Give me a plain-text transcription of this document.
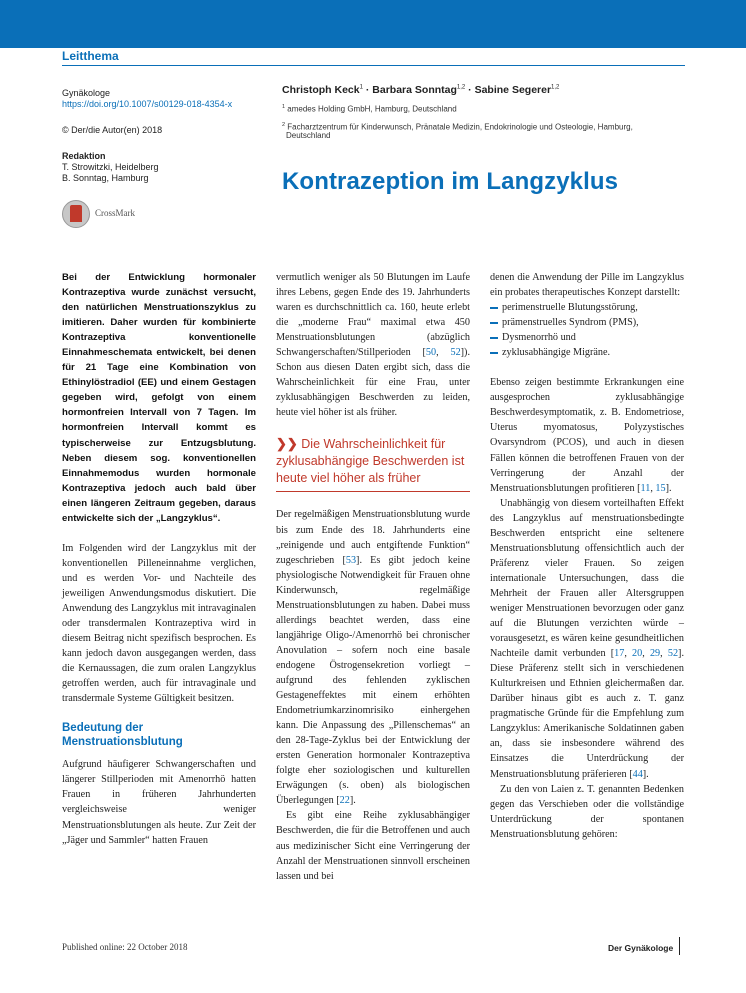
Leitthema
Gynäkologe
https://doi.org/10.1007/s00129-018-4354-x
© Der/die Autor(en) 2018
Redaktion
T. Strowitzki, Heidelberg
B. Sonntag, Hamburg
CrossMark
Christoph Keck$^1$ · Barbara Sonntag$^{1,2}$ · Sabine Segerer$^{1,2}$
$^1$ amedes Holding GmbH, Hamburg, Deutschland
$^2$ Facharztzentrum für Kinderwunsch, Pränatale Medizin, Endokrinologie und Osteologie, Hamburg,
Deutschland
Kontrazeption im Langzyklus

Bei der Entwicklung hormonaler Kontrazeptiva wurde zunächst versucht, den natürlichen Menstruationszyklus zu imitieren. Daher wurden für kombinierte Kontrazeptiva konventionelle Einnahmeschemata entwickelt, bei denen für 21 Tage eine Kombination von Ethinylöstradiol (EE) und einem Gestagen gegeben wird, gefolgt von einem hormonfreien Intervall von 7 Tagen. Im hormonfreien Intervall kommt es typischerweise zur Entzugsblutung. Neben diesem sog. konventionellen Einnahmemodus wurden hormonale Kontrazeptiva jedoch auch bald über einen längeren Zeitraum gegeben, daraus entwickelte sich der „Langzyklus“.

Im Folgenden wird der Langzyklus mit der konventionellen Pilleneinnahme verglichen, und es werden Vor- und Nachteile des jeweiligen Anwendungsmodus diskutiert. Die Anwendung des Langzyklus mit intravaginalen oder transdermalen Kontrazeptiva wird in diesem Beitrag nicht spezifisch besprochen. Es kann jedoch davon ausgegangen werden, dass die Kernaussagen, die zum oralen Langzyklus getroffen werden, auch für intravaginale und transdermale Systeme Gültigkeit besitzen.

Bedeutung der Menstruationsblutung

Aufgrund häufigerer Schwangerschaften und längerer Stillperioden mit Amenorrhö hatten Frauen in früheren Jahrhunderten vergleichsweise weniger Menstruationsblutungen als heute. Zur Zeit der „Jäger und Sammler“ hatten Frauen

vermutlich weniger als 50 Blutungen im Laufe ihres Lebens, gegen Ende des 19. Jahrhunderts waren es durchschnittlich ca. 160, heute erlebt die „moderne Frau“ maximal etwa 450 Menstruationsblutungen (abzüglich Schwangerschaften/Stillperioden [50, 52]). Schon aus diesen Daten ergibt sich, dass die Wahrscheinlichkeit für eine Frau, unter zyklusabhängigen Beschwerden zu leiden, heute viel höher ist als früher.

❯❯ Die Wahrscheinlichkeit für zyklusabhängige Beschwerden ist heute viel höher als früher

Der regelmäßigen Menstruationsblutung wurde bis zum Ende des 18. Jahrhunderts eine „reinigende und auch entgiftende Funktion“ zugeschrieben [53]. Es gibt jedoch keine physiologische Notwendigkeit für Frauen ohne Kinderwunsch, regelmäßige Menstruationsblutungen zu haben. Dabei muss allerdings beachtet werden, dass eine langjährige Oligo-/Amenorrhö bei chronischer Anovulation – sofern noch eine basale endogene Östrogensekretion vorliegt – aufgrund des fehlenden zyklischen Gestageneffektes mit einem erhöhten Endometriumkarzinomrisiko einhergehen kann. Die Anpassung des „Pillenschemas“ an den 28-Tage-Zyklus bei der Entwicklung der ersten Generation hormonaler Kontrazeptiva folgte eher soziologischen und kulturellen Erwägungen (s. oben) als biologischen Überlegungen [22].

Es gibt eine Reihe zyklusabhängiger Beschwerden, die für die Betroffenen und auch aus medizinischer Sicht eine Verringerung der Anzahl der Menstruationen sinnvoll erscheinen lassen und bei

denen die Anwendung der Pille im Langzyklus ein probates therapeutisches Konzept darstellt:

perimenstruelle Blutungsstörung,
prämenstruelles Syndrom (PMS),
Dysmenorrhö und
zyklusabhängige Migräne.

Ebenso zeigen bestimmte Erkrankungen eine ausgesprochen zyklusabhängige Beschwerdesymptomatik, z. B. Endometriose, Uterus myomatosus, Polyzystisches Ovarsyndrom (PCOS), und auch in diesen Fällen können die betroffenen Frauen von der Verringerung der Anzahl der Menstruationsblutungen profitieren [11, 15].

Unabhängig von diesem vorteilhaften Effekt des Langzyklus auf menstruationsbedingte Beschwerden entspricht eine seltenere Menstruationsblutung offensichtlich auch der Präferenz vieler Frauen. So zeigen internationale Untersuchungen, dass die Mehrheit der Frauen aller Altersgruppen weniger Menstruationen bevorzugen oder ganz auf die Blutungen verzichten würde – vorausgesetzt, es wären keine gesundheitlichen Nachteile damit verbunden [17, 20, 29, 52]. Diese Präferenz stellt sich in verschiedenen Kulturkreisen und Ethnien gleichermaßen dar. Darüber hinaus gibt es auch z. T. ganz pragmatische Gründe für die Empfehlung zum Langzyklus: Amerikanische Soldatinnen gaben an, dass sie insbesondere während des Einsatzes die Unterdrückung der Menstruationsblutung präferieren [44].

Zu den von Laien z. T. genannten Bedenken gegen das Verschieben oder die vollständige Unterdrückung der spontanen Menstruationsblutung gehören:

Published online: 22 October 2018	Der Gynäkologe
